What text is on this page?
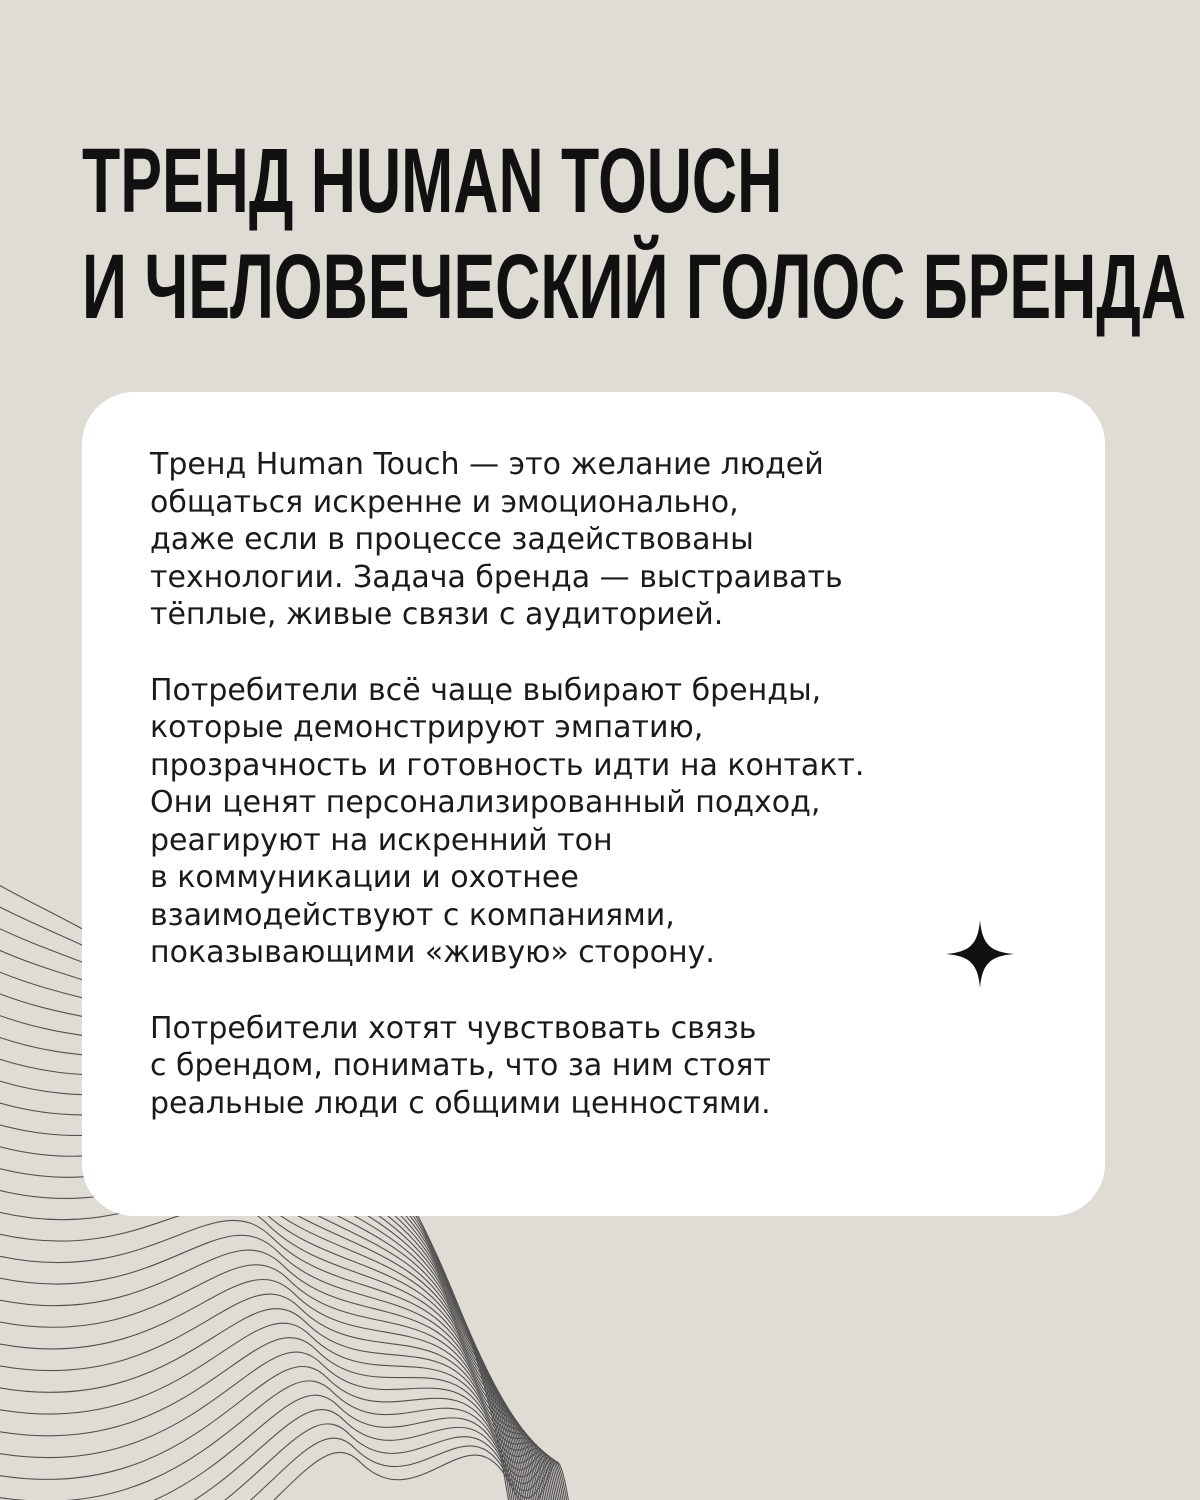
ТРЕНД HUMAN TOUCH
И ЧЕЛОВЕЧЕСКИЙ ГОЛОС БРЕНДА

Тренд Human Touch — это желание людей
общаться искренне и эмоционально,
даже если в процессе задействованы
технологии. Задача бренда — выстраивать
тёплые, живые связи с аудиторией.

Потребители всё чаще выбирают бренды,
которые демонстрируют эмпатию,
прозрачность и готовность идти на контакт.
Они ценят персонализированный подход,
реагируют на искренний тон
в коммуникации и охотнее
взаимодействуют с компаниями,
показывающими «живую» сторону.

Потребители хотят чувствовать связь
с брендом, понимать, что за ним стоят
реальные люди с общими ценностями.
